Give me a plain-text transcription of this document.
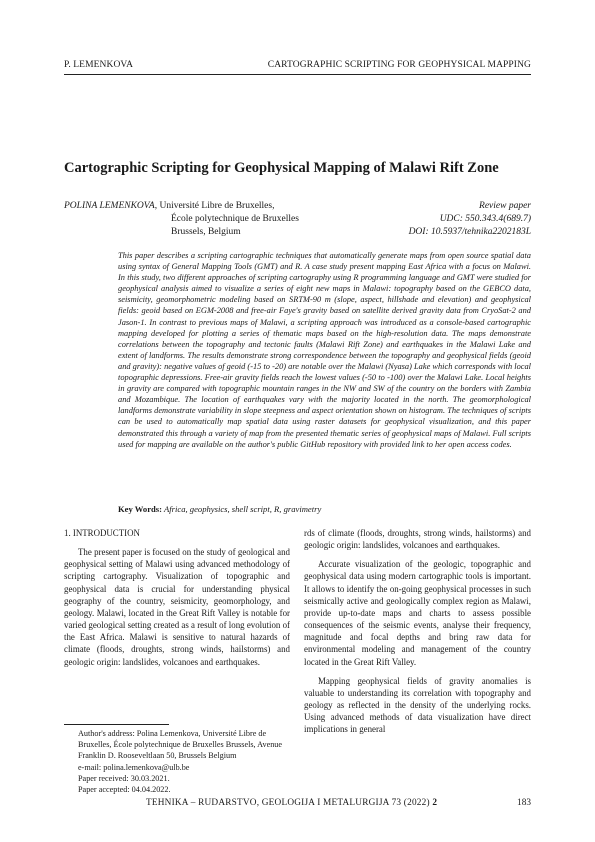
P. LEMENKOVA	CARTOGRAPHIC SCRIPTING FOR GEOPHYSICAL MAPPING
Cartographic Scripting for Geophysical Mapping of Malawi Rift Zone
POLINA LEMENKOVA, Université Libre de Bruxelles,	Review paper
École polytechnique de Bruxelles	UDC: 550.343.4(689.7)
Brussels, Belgium	DOI: 10.5937/tehnika2202183L
This paper describes a scripting cartographic techniques that automatically generate maps from open source spatial data using syntax of General Mapping Tools (GMT) and R. A case study present mapping East Africa with a focus on Malawi. In this study, two different approaches of scripting cartography using R programming language and GMT were studied for geophysical analysis aimed to visualize a series of eight new maps in Malawi: topography based on the GEBCO data, seismicity, geomorphometric modeling based on SRTM-90 m (slope, aspect, hillshade and elevation) and geophysical fields: geoid based on EGM-2008 and free-air Faye's gravity based on satellite derived gravity data from CryoSat-2 and Jason-1. In contrast to previous maps of Malawi, a scripting approach was introduced as a console-based cartographic mapping developed for plotting a series of thematic maps based on the high-resolution data. The maps demonstrate correlations between the topography and tectonic faults (Malawi Rift Zone) and earthquakes in the Malawi Lake and extent of landforms. The results demonstrate strong correspondence between the topography and geophysical fields (geoid and gravity): negative values of geoid (-15 to -20) are notable over the Malawi (Nyasa) Lake which corresponds with local topographic depressions. Free-air gravity fields reach the lowest values (-50 to -100) over the Malawi Lake. Local heights in gravity are compared with topographic mountain ranges in the NW and SW of the country on the borders with Zambia and Mozambique. The location of earthquakes vary with the majority located in the north. The geomorphological landforms demonstrate variability in slope steepness and aspect orientation shown on histogram. The techniques of scripts can be used to automatically map spatial data using raster datasets for geophysical visualization, and this paper demonstrated this through a variety of map from the presented thematic series of geophysical maps of Malawi. Full scripts used for mapping are available on the author's public GitHub repository with provided link to her open access codes.
Key Words: Africa, geophysics, shell script, R, gravimetry

1. INTRODUCTION

The present paper is focused on the study of geological and geophysical setting of Malawi using advanced methodology of scripting cartography. Visualization of topographic and geophysical data is crucial for understanding physical geography of the country, seismicity, geomorphology, and geology. Malawi, located in the Great Rift Valley is notable for varied geological setting created as a result of long evolution of the East Africa. Malawi is sensitive to natural hazards of climate (floods, droughts, strong winds, hailstorms) and geologic origin: landslides, volcanoes and earthquakes.

rds of climate (floods, droughts, strong winds, hailstorms) and geologic origin: landslides, volcanoes and earthquakes.

Accurate visualization of the geologic, topographic and geophysical data using modern cartographic tools is important. It allows to identify the on-going geophysical processes in such seismically active and geologically complex region as Malawi, provide up-to-date maps and charts to assess possible consequences of the seismic events, analyse their frequency, magnitude and focal depths and bring raw data for environmental modeling and management of the country located in the Great Rift Valley.

Mapping geophysical fields of gravity anomalies is valuable to understanding its correlation with topography and geology as reflected in the density of the underlying rocks. Using advanced methods of data visualization have direct implications in general

Author's address: Polina Lemenkova, Université Libre de Bruxelles, École polytechnique de Bruxelles Brussels, Avenue Franklin D. Rooseveltlaan 50, Brussels Belgium

e-mail: polina.lemenkova@ulb.be

Paper received: 30.03.2021.

Paper accepted: 04.04.2022.

TEHNIKA – RUDARSTVO, GEOLOGIJA I METALURGIJA 73 (2022) 2	183
